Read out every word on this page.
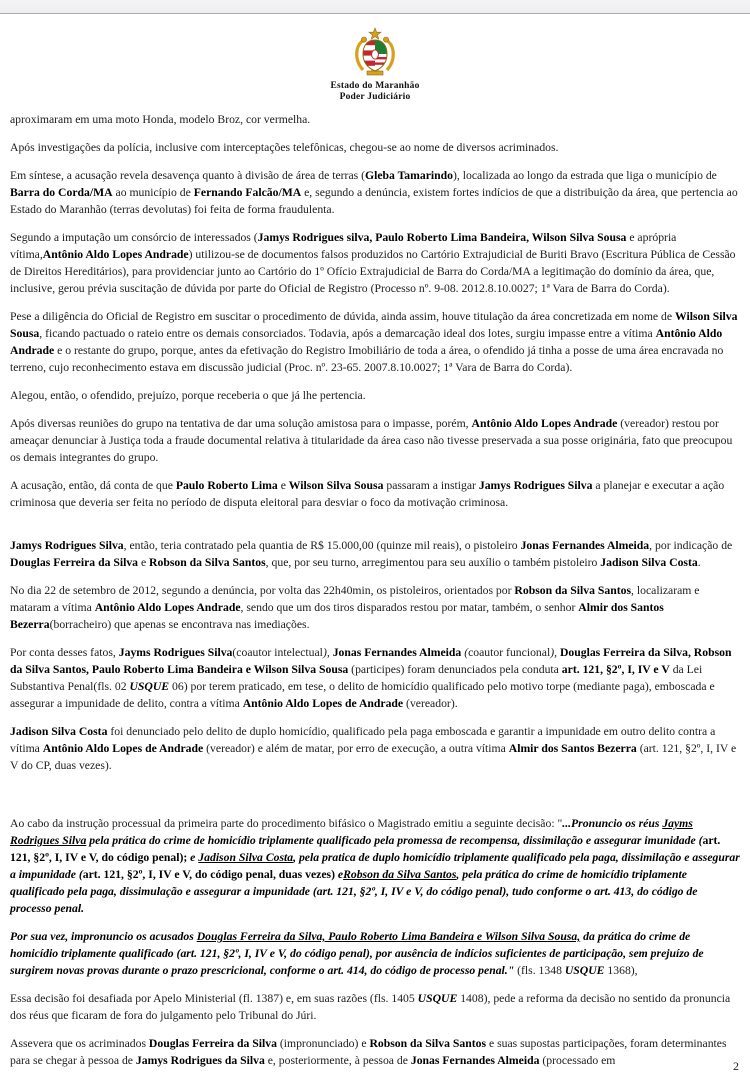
Estado do Maranhão
Poder Judiciário

aproximaram em uma moto Honda, modelo Broz, cor vermelha.

Após investigações da polícia, inclusive com interceptações telefônicas, chegou-se ao nome de diversos acriminados.

Em síntese, a acusação revela desavença quanto à divisão de área de terras (Gleba Tamarindo), localizada ao longo da estrada que liga o município de Barra do Corda/MA ao município de Fernando Falcão/MA e, segundo a denúncia, existem fortes indícios de que a distribuição da área, que pertencia ao Estado do Maranhão (terras devolutas) foi feita de forma fraudulenta.

Segundo a imputação um consórcio de interessados (Jamys Rodrigues silva, Paulo Roberto Lima Bandeira, Wilson Silva Sousa e aprópria vítima,Antônio Aldo Lopes Andrade) utilizou-se de documentos falsos produzidos no Cartório Extrajudicial de Buriti Bravo (Escritura Pública de Cessão de Direitos Hereditários), para providenciar junto ao Cartório do 1º Ofício Extrajudicial de Barra do Corda/MA a legitimação do domínio da área, que, inclusive, gerou prévia suscitação de dúvida por parte do Oficial de Registro (Processo nº. 9-08. 2012.8.10.0027; 1ª Vara de Barra do Corda).

Pese a diligência do Oficial de Registro em suscitar o procedimento de dúvida, ainda assim, houve titulação da área concretizada em nome de Wilson Silva Sousa, ficando pactuado o rateio entre os demais consorciados. Todavia, após a demarcação ideal dos lotes, surgiu impasse entre a vítima Antônio Aldo Andrade e o restante do grupo, porque, antes da efetivação do Registro Imobiliário de toda a área, o ofendido já tinha a posse de uma área encravada no terreno, cujo reconhecimento estava em discussão judicial (Proc. nº. 23-65. 2007.8.10.0027; 1ª Vara de Barra do Corda).

Alegou, então, o ofendido, prejuízo, porque receberia o que já lhe pertencia.

Após diversas reuniões do grupo na tentativa de dar uma solução amistosa para o impasse, porém, Antônio Aldo Lopes Andrade (vereador) restou por ameaçar denunciar à Justiça toda a fraude documental relativa à titularidade da área caso não tivesse preservada a sua posse originária, fato que preocupou os demais integrantes do grupo.

A acusação, então, dá conta de que Paulo Roberto Lima e Wilson Silva Sousa passaram a instigar Jamys Rodrigues Silva a planejar e executar a ação criminosa que deveria ser feita no período de disputa eleitoral para desviar o foco da motivação criminosa.

Jamys Rodrigues Silva, então, teria contratado pela quantia de R$ 15.000,00 (quinze mil reais), o pistoleiro Jonas Fernandes Almeida, por indicação de Douglas Ferreira da Silva e Robson da Silva Santos, que, por seu turno, arregimentou para seu auxílio o também pistoleiro Jadison Silva Costa.

No dia 22 de setembro de 2012, segundo a denúncia, por volta das 22h40min, os pistoleiros, orientados por Robson da Silva Santos, localizaram e mataram a vítima Antônio Aldo Lopes Andrade, sendo que um dos tiros disparados restou por matar, também, o senhor Almir dos Santos Bezerra(borracheiro) que apenas se encontrava nas imediações.

Por conta desses fatos, Jayms Rodrigues Silva(coautor intelectual), Jonas Fernandes Almeida (coautor funcional), Douglas Ferreira da Silva, Robson da Silva Santos, Paulo Roberto Lima Bandeira e Wilson Silva Sousa (participes) foram denunciados pela conduta art. 121, §2º, I, IV e V da Lei Substantiva Penal(fls. 02 USQUE 06) por terem praticado, em tese, o delito de homicídio qualificado pelo motivo torpe (mediante paga), emboscada e assegurar a impunidade de delito, contra a vítima Antônio Aldo Lopes de Andrade (vereador).

Jadison Silva Costa foi denunciado pelo delito de duplo homicídio, qualificado pela paga emboscada e garantir a impunidade em outro delito contra a vítima Antônio Aldo Lopes de Andrade (vereador) e além de matar, por erro de execução, a outra vítima Almir dos Santos Bezerra (art. 121, §2º, I, IV e V do CP, duas vezes).

Ao cabo da instrução processual da primeira parte do procedimento bifásico o Magistrado emitiu a seguinte decisão: "...Pronuncio os réus Jayms Rodrigues Silva pela prática do crime de homicídio triplamente qualificado pela promessa de recompensa, dissimilação e assegurar imunidade (art. 121, §2º, I, IV e V, do código penal); e Jadison Silva Costa, pela pratica de duplo homicídio triplamente qualificado pela paga, dissimilação e assegurar a impunidade (art. 121, §2º, I, IV e V, do código penal, duas vezes) eRobson da Silva Santos, pela prática do crime de homicídio triplamente qualificado pela paga, dissimulação e assegurar a impunidade (art. 121, §2º, I, IV e V, do código penal), tudo conforme o art. 413, do código de processo penal.

Por sua vez, impronuncio os acusados Douglas Ferreira da Silva, Paulo Roberto Lima Bandeira e Wilson Silva Sousa, da prática do crime de homicídio triplamente qualificado (art. 121, §2º, I, IV e V, do código penal), por ausência de indícios suficientes de participação, sem prejuízo de surgirem novas provas durante o prazo prescricional, conforme o art. 414, do código de processo penal." (fls. 1348 USQUE 1368),

Essa decisão foi desafiada por Apelo Ministerial (fl. 1387) e, em suas razões (fls. 1405 USQUE 1408), pede a reforma da decisão no sentido da pronuncia dos réus que ficaram de fora do julgamento pelo Tribunal do Júri.

Assevera que os acriminados Douglas Ferreira da Silva (impronunciado) e Robson da Silva Santos e suas supostas participações, foram determinantes para se chegar à pessoa de Jamys Rodrigues da Silva e, posteriormente, à pessoa de Jonas Fernandes Almeida (processado em	2
